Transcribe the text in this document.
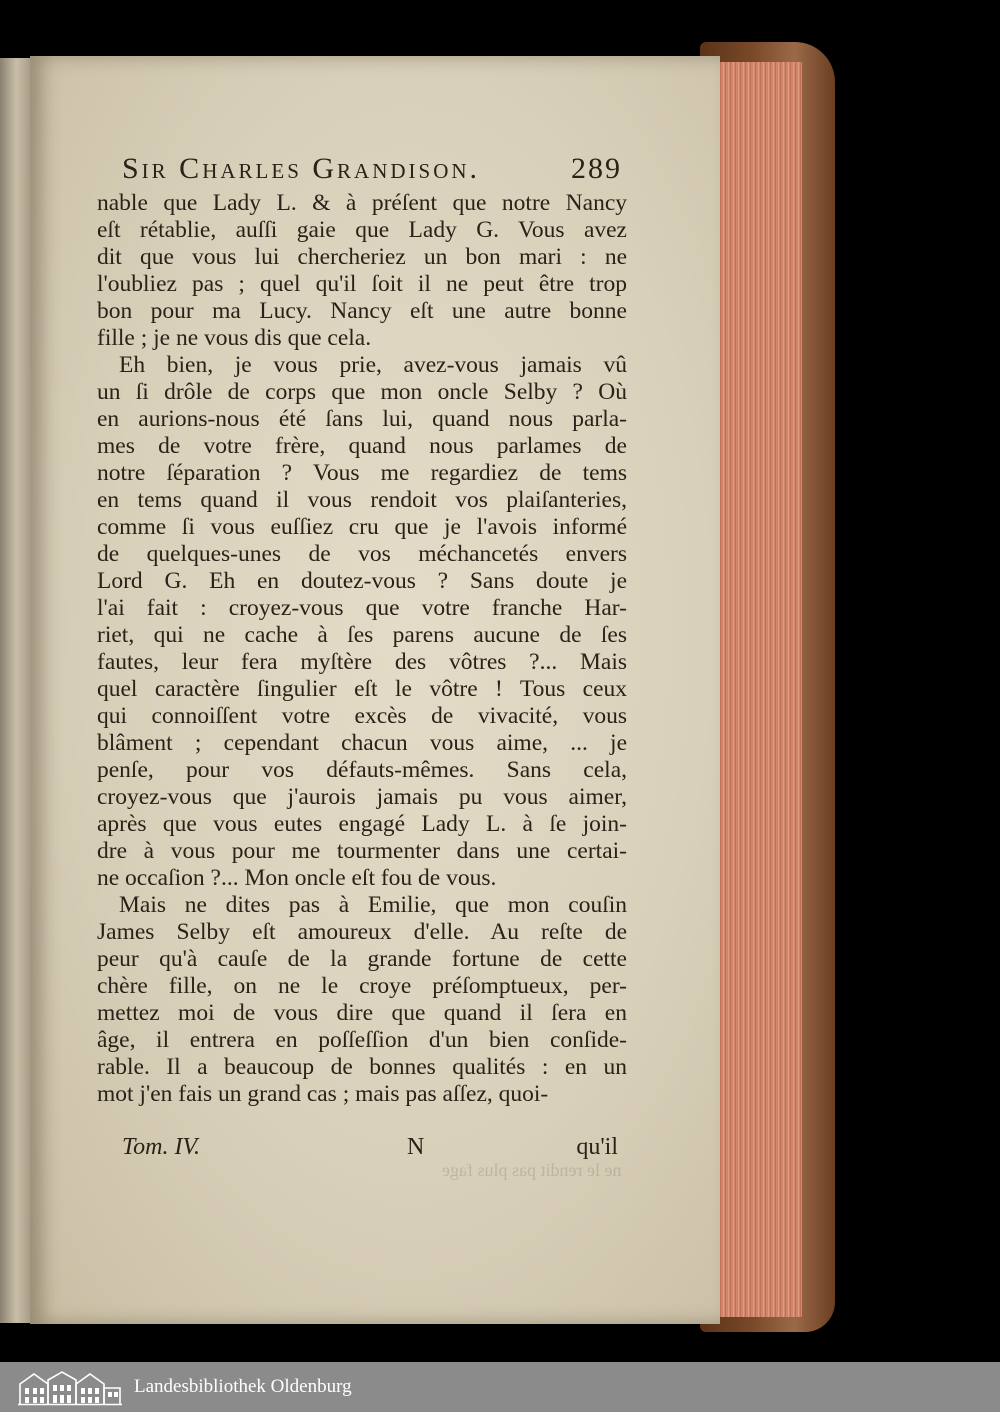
Sir Charles Grandison.	289
nable que Lady L. & à préſent que notre Nancy
eſt rétablie, auſſi gaie que Lady G. Vous avez
dit que vous lui chercheriez un bon mari : ne
l'oubliez pas ; quel qu'il ſoit il ne peut être trop
bon pour ma Lucy. Nancy eſt une autre bonne
fille ; je ne vous dis que cela.
Eh bien, je vous prie, avez-vous jamais vû
un ſi drôle de corps que mon oncle Selby ? Où
en aurions-nous été ſans lui, quand nous parla-
mes de votre frère, quand nous parlames de
notre ſéparation ? Vous me regardiez de tems
en tems quand il vous rendoit vos plaiſanteries,
comme ſi vous euſſiez cru que je l'avois informé
de quelques-unes de vos méchancetés envers
Lord G. Eh en doutez-vous ? Sans doute je
l'ai fait : croyez-vous que votre franche Har-
riet, qui ne cache à ſes parens aucune de ſes
fautes, leur fera myſtère des vôtres ?... Mais
quel caractère ſingulier eſt le vôtre ! Tous ceux
qui connoiſſent votre excès de vivacité, vous
blâment ; cependant chacun vous aime, ... je
penſe, pour vos défauts-mêmes. Sans cela,
croyez-vous que j'aurois jamais pu vous aimer,
après que vous eutes engagé Lady L. à ſe join-
dre à vous pour me tourmenter dans une certai-
ne occaſion ?... Mon oncle eſt fou de vous.
Mais ne dites pas à Emilie, que mon couſin
James Selby eſt amoureux d'elle. Au reſte de
peur qu'à cauſe de la grande fortune de cette
chère fille, on ne le croye préſomptueux, per-
mettez moi de vous dire que quand il ſera en
âge, il entrera en poſſeſſion d'un bien conſide-
rable. Il a beaucoup de bonnes qualités : en un
mot j'en fais un grand cas ; mais pas aſſez, quoi-
ne le rendit pas plus fage
Tom. IV.	N	qu'il
Landesbibliothek Oldenburg
